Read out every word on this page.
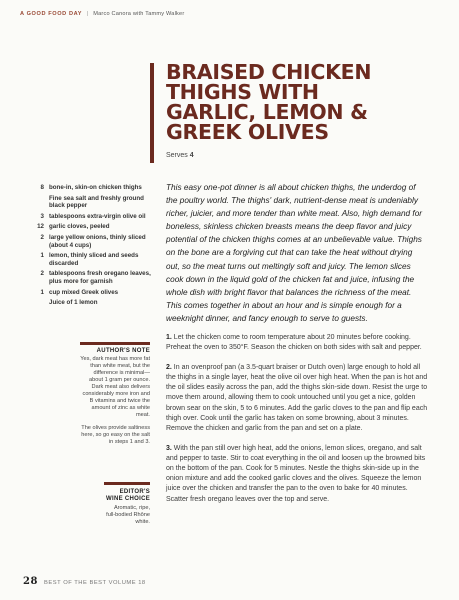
A GOOD FOOD DAY | Marco Canora with Tammy Walker
BRAISED CHICKEN
THIGHS WITH
GARLIC, LEMON &
GREEK OLIVES
Serves 4
8 bone-in, skin-on chicken thighs
Fine sea salt and freshly ground black pepper
3 tablespoons extra-virgin olive oil
12 garlic cloves, peeled
2 large yellow onions, thinly sliced (about 4 cups)
1 lemon, thinly sliced and seeds discarded
2 tablespoons fresh oregano leaves, plus more for garnish
1 cup mixed Greek olives
Juice of 1 lemon
This easy one-pot dinner is all about chicken thighs, the underdog of the poultry world. The thighs' dark, nutrient-dense meat is undeniably richer, juicier, and more tender than white meat. Also, high demand for boneless, skinless chicken breasts means the deep flavor and juicy potential of the chicken thighs comes at an unbelievable value. Thighs on the bone are a forgiving cut that can take the heat without drying out, so the meat turns out meltingly soft and juicy. The lemon slices cook down in the liquid gold of the chicken fat and juice, infusing the whole dish with bright flavor that balances the richness of the meat. This comes together in about an hour and is simple enough for a weeknight dinner, and fancy enough to serve to guests.

1. Let the chicken come to room temperature about 20 minutes before cooking. Preheat the oven to 350°F. Season the chicken on both sides with salt and pepper.

2. In an ovenproof pan (a 3.5-quart braiser or Dutch oven) large enough to hold all the thighs in a single layer, heat the olive oil over high heat. When the pan is hot and the oil slides easily across the pan, add the thighs skin-side down. Resist the urge to move them around, allowing them to cook untouched until you get a nice, golden brown sear on the skin, 5 to 6 minutes. Add the garlic cloves to the pan and flip each thigh over. Cook until the garlic has taken on some browning, about 3 minutes. Remove the chicken and garlic from the pan and set on a plate.

3. With the pan still over high heat, add the onions, lemon slices, oregano, and salt and pepper to taste. Stir to coat everything in the oil and loosen up the browned bits on the bottom of the pan. Cook for 5 minutes. Nestle the thighs skin-side up in the onion mixture and add the cooked garlic cloves and the olives. Squeeze the lemon juice over the chicken and transfer the pan to the oven to bake for 40 minutes. Scatter fresh oregano leaves over the top and serve.

AUTHOR'S NOTE

Yes, dark meat has more fat than white meat, but the difference is minimal—about 1 gram per ounce. Dark meat also delivers considerably more iron and B vitamins and twice the amount of zinc as white meat.

The olives provide saltiness here, so go easy on the salt in steps 1 and 3.

EDITOR'S
WINE CHOICE

Aromatic, ripe, full-bodied Rhône white.

28 BEST OF THE BEST VOLUME 18
